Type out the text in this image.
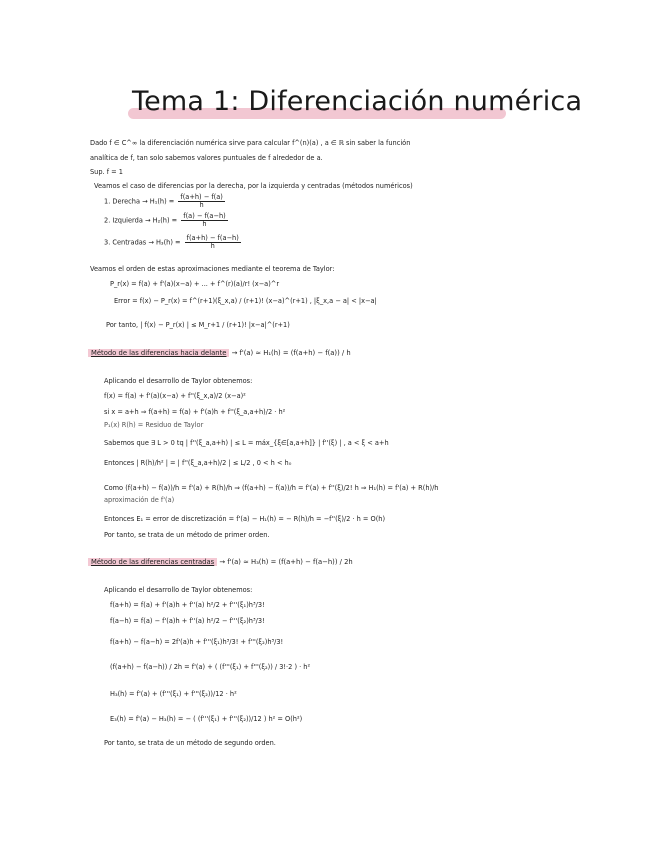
Tema 1: Diferenciación numérica
Dado f ∈ C^∞ la diferenciación numérica sirve para calcular f^(n)(a) , a ∈ ℝ sin saber la función
analítica de f, tan solo sabemos valores puntuales de f alrededor de a.
Sup. f = 1
Veamos el caso de diferencias por la derecha, por la izquierda y centradas (métodos numéricos)
1. Derecha → $H_1(h) = \frac{f(a+h) - f(a)}{h}$
2. Izquierda → $H_2(h) = \frac{f(a) - f(a-h)}{h}$
3. Centradas → $H_3(h) = \frac{f(a+h) - f(a-h)}{h}$
Veamos el orden de estas aproximaciones mediante el teorema de Taylor:
P_r(x) = f(a) + f'(a)(x−a) + ... + f^(r)(a)/r! (x−a)^r
Error = f(x) − P_r(x) = f^(r+1)(ξ_x,a) / (r+1)! (x−a)^(r+1) , |ξ_x,a − a| < |x−a|
Por tanto, | f(x) − P_r(x) | ≤ M_r+1 / (r+1)! |x−a|^(r+1)
Método de las diferencias hacia delante → f'(a) ≈ H₁(h) = (f(a+h) − f(a)) / h
Aplicando el desarrollo de Taylor obtenemos:
f(x) = f(a) + f'(a)(x−a) + f''(ξ_x,a)/2 (x−a)²
si x = a+h ⇒ f(a+h) = f(a) + f'(a)h + f''(ξ_a,a+h)/2 · h²
P₁(x) R(h) = Residuo de Taylor
Sabemos que ∃ L > 0 tq | f''(ξ_a,a+h) | ≤ L = máx_{ξ∈[a,a+h]} | f''(ξ) | , a < ξ < a+h
Entonces | R(h)/h² | = | f''(ξ_a,a+h)/2 | ≤ L/2 , 0 < h < h₀
Como (f(a+h) − f(a))/h = f'(a) + R(h)/h ⇒ (f(a+h) − f(a))/h = f'(a) + f''(ξ)/2! h ⇒ H₁(h) = f'(a) + R(h)/h
aproximación de f'(a)
Entonces E₁ = error de discretización = f'(a) − H₁(h) = − R(h)/h = −f''(ξ)/2 · h = O(h)
Por tanto, se trata de un método de primer orden.
Método de las diferencias centradas → f'(a) ≈ H₃(h) = (f(a+h) − f(a−h)) / 2h
Aplicando el desarrollo de Taylor obtenemos:
f(a+h) = f(a) + f'(a)h + f''(a) h²/2 + f'''(ξ₁)h³/3!
f(a−h) = f(a) − f'(a)h + f''(a) h²/2 − f'''(ξ₂)h³/3!
f(a+h) − f(a−h) = 2f'(a)h + f'''(ξ₁)h³/3! + f'''(ξ₂)h³/3!
(f(a+h) − f(a−h)) / 2h = f'(a) + ( (f'''(ξ₁) + f'''(ξ₂)) / 3!·2 ) · h²
H₃(h) = f'(a) + (f'''(ξ₁) + f'''(ξ₂))/12 · h²
E₃(h) = f'(a) − H₃(h) = − ( (f'''(ξ₁) + f'''(ξ₂))/12 ) h² = O(h²)
Por tanto, se trata de un método de segundo orden.
